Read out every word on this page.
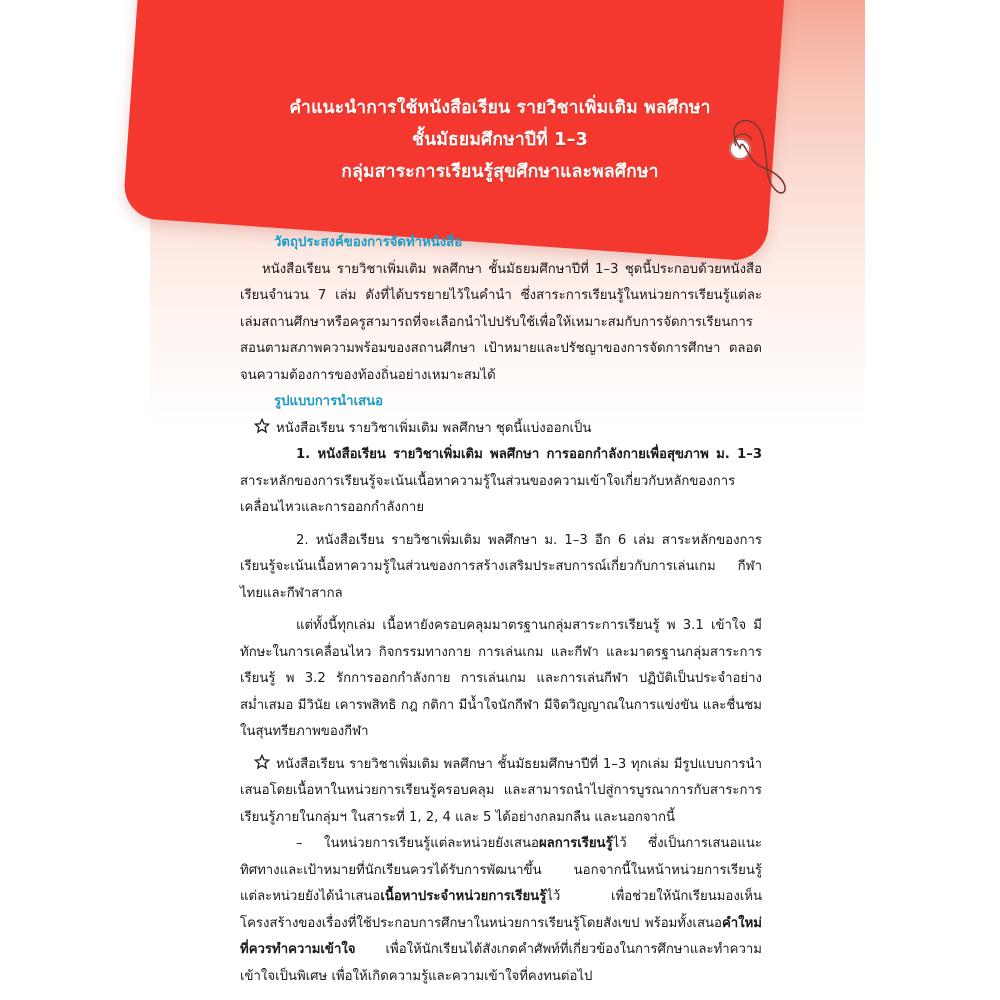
คำแนะนำการใช้หนังสือเรียน รายวิชาเพิ่มเติม พลศึกษา
ชั้นมัธยมศึกษาปีที่ 1–3
กลุ่มสาระการเรียนรู้สุขศึกษาและพลศึกษา

วัตถุประสงค์ของการจัดทำหนังสือ

หนังสือเรียน รายวิชาเพิ่มเติม พลศึกษา ชั้นมัธยมศึกษาปีที่ 1–3 ชุดนี้ประกอบด้วยหนังสือเรียนจำนวน 7 เล่ม ดังที่ได้บรรยายไว้ในคำนำ ซึ่งสาระการเรียนรู้ในหน่วยการเรียนรู้แต่ละเล่มสถานศึกษาหรือครูสามารถที่จะเลือกนำไปปรับใช้เพื่อให้เหมาะสมกับการจัดการเรียนการสอนตามสภาพความพร้อมของสถานศึกษา เป้าหมายและปรัชญาของการจัดการศึกษา ตลอดจนความต้องการของท้องถิ่นอย่างเหมาะสมได้

รูปแบบการนำเสนอ

หนังสือเรียน รายวิชาเพิ่มเติม พลศึกษา ชุดนี้แบ่งออกเป็น

1. หนังสือเรียน รายวิชาเพิ่มเติม พลศึกษา การออกกำลังกายเพื่อสุขภาพ ม. 1–3 สาระหลักของการเรียนรู้จะเน้นเนื้อหาความรู้ในส่วนของความเข้าใจเกี่ยวกับหลักของการเคลื่อนไหวและการออกกำลังกาย

2. หนังสือเรียน รายวิชาเพิ่มเติม พลศึกษา ม. 1–3 อีก 6 เล่ม สาระหลักของการเรียนรู้จะเน้นเนื้อหาความรู้ในส่วนของการสร้างเสริมประสบการณ์เกี่ยวกับการเล่นเกม กีฬาไทยและกีฬาสากล

แต่ทั้งนี้ทุกเล่ม เนื้อหายังครอบคลุมมาตรฐานกลุ่มสาระการเรียนรู้ พ 3.1 เข้าใจ มีทักษะในการเคลื่อนไหว กิจกรรมทางกาย การเล่นเกม และกีฬา และมาตรฐานกลุ่มสาระการเรียนรู้ พ 3.2 รักการออกกำลังกาย การเล่นเกม และการเล่นกีฬา ปฏิบัติเป็นประจำอย่างสม่ำเสมอ มีวินัย เคารพสิทธิ กฎ กติกา มีน้ำใจนักกีฬา มีจิตวิญญาณในการแข่งขัน และชื่นชมในสุนทรียภาพของกีฬา

หนังสือเรียน รายวิชาเพิ่มเติม พลศึกษา ชั้นมัธยมศึกษาปีที่ 1–3 ทุกเล่ม มีรูปแบบการนำเสนอโดยเนื้อหาในหน่วยการเรียนรู้ครอบคลุม และสามารถนำไปสู่การบูรณาการกับสาระการเรียนรู้ภายในกลุ่มฯ ในสาระที่ 1, 2, 4 และ 5 ได้อย่างกลมกลืน และนอกจากนี้

– ในหน่วยการเรียนรู้แต่ละหน่วยยังเสนอผลการเรียนรู้ไว้ ซึ่งเป็นการเสนอแนะทิศทางและเป้าหมายที่นักเรียนควรได้รับการพัฒนาขึ้น นอกจากนี้ในหน้าหน่วยการเรียนรู้แต่ละหน่วยยังได้นำเสนอเนื้อหาประจำหน่วยการเรียนรู้ไว้ เพื่อช่วยให้นักเรียนมองเห็นโครงสร้างของเรื่องที่ใช้ประกอบการศึกษาในหน่วยการเรียนรู้โดยสังเขป พร้อมทั้งเสนอคำใหม่ที่ควรทำความเข้าใจ เพื่อให้นักเรียนได้สังเกตคำศัพท์ที่เกี่ยวข้องในการศึกษาและทำความเข้าใจเป็นพิเศษ เพื่อให้เกิดความรู้และความเข้าใจที่คงทนต่อไป
